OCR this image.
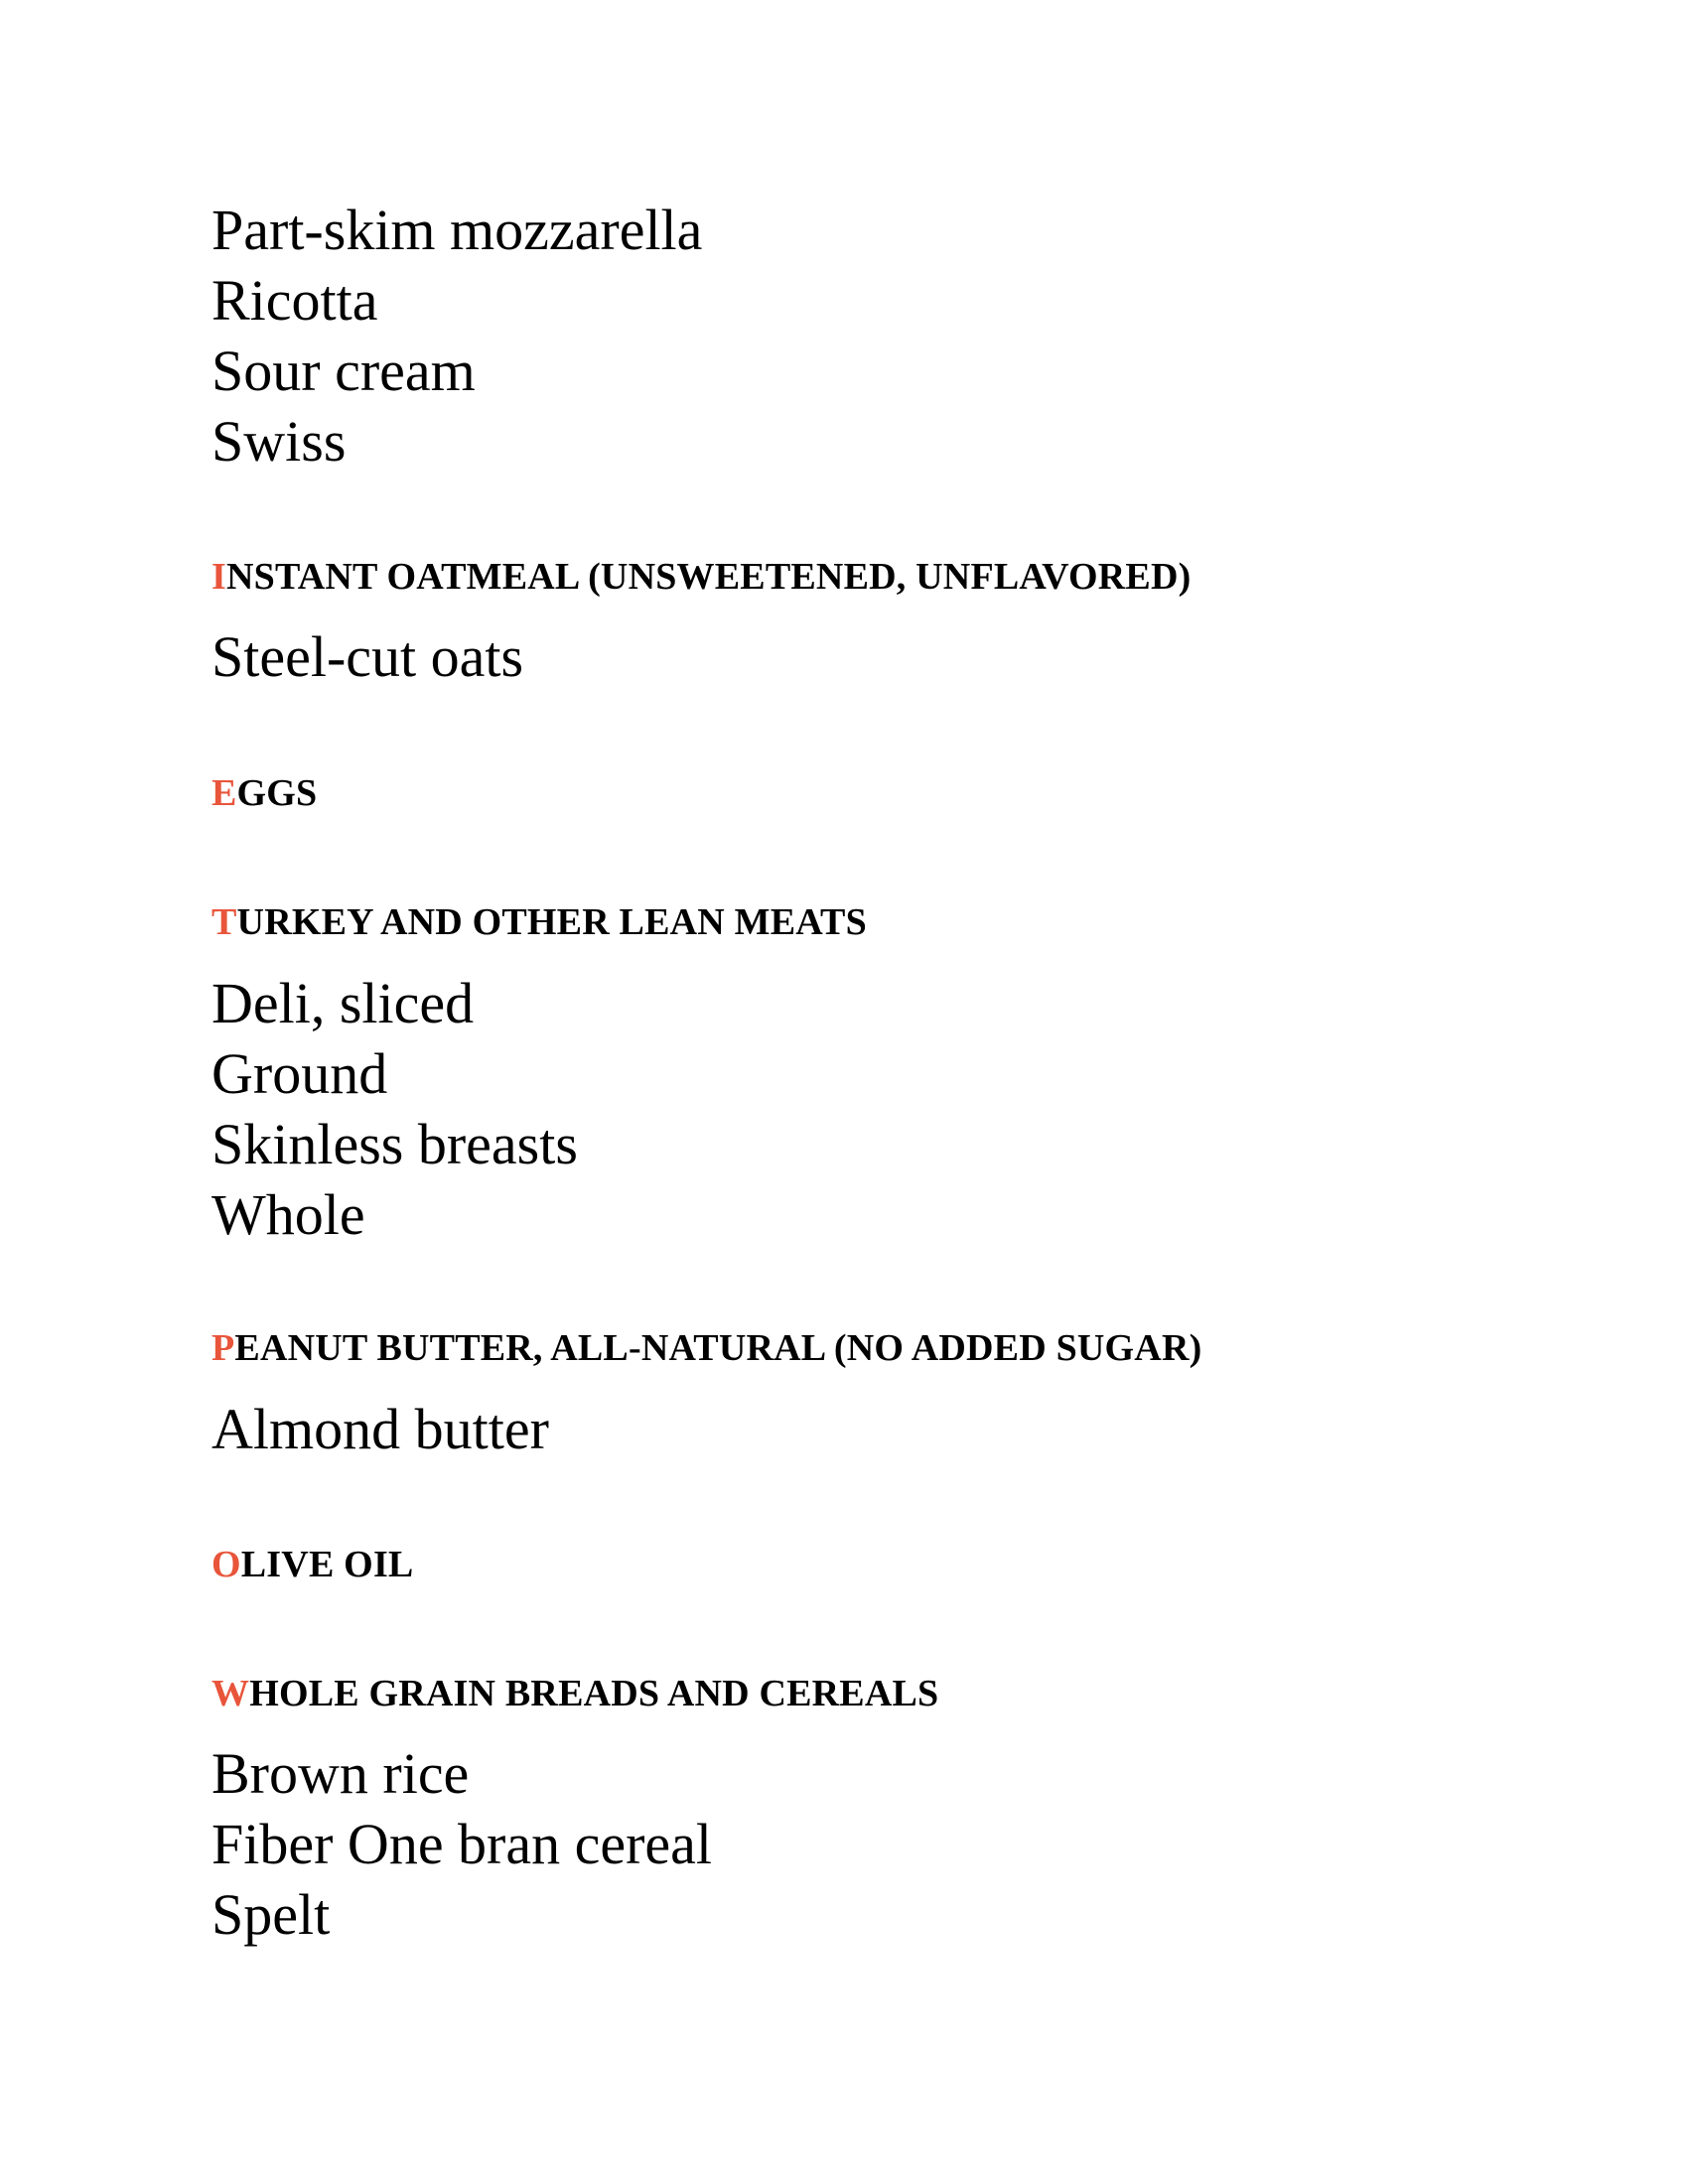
Part-skim mozzarella

Ricotta

Sour cream

Swiss

INSTANT OATMEAL (UNSWEETENED, UNFLAVORED)

Steel-cut oats

EGGS
TURKEY AND OTHER LEAN MEATS

Deli, sliced

Ground

Skinless breasts

Whole

PEANUT BUTTER, ALL-NATURAL (NO ADDED SUGAR)

Almond butter

OLIVE OIL
WHOLE GRAIN BREADS AND CEREALS

Brown rice

Fiber One bran cereal

Spelt
